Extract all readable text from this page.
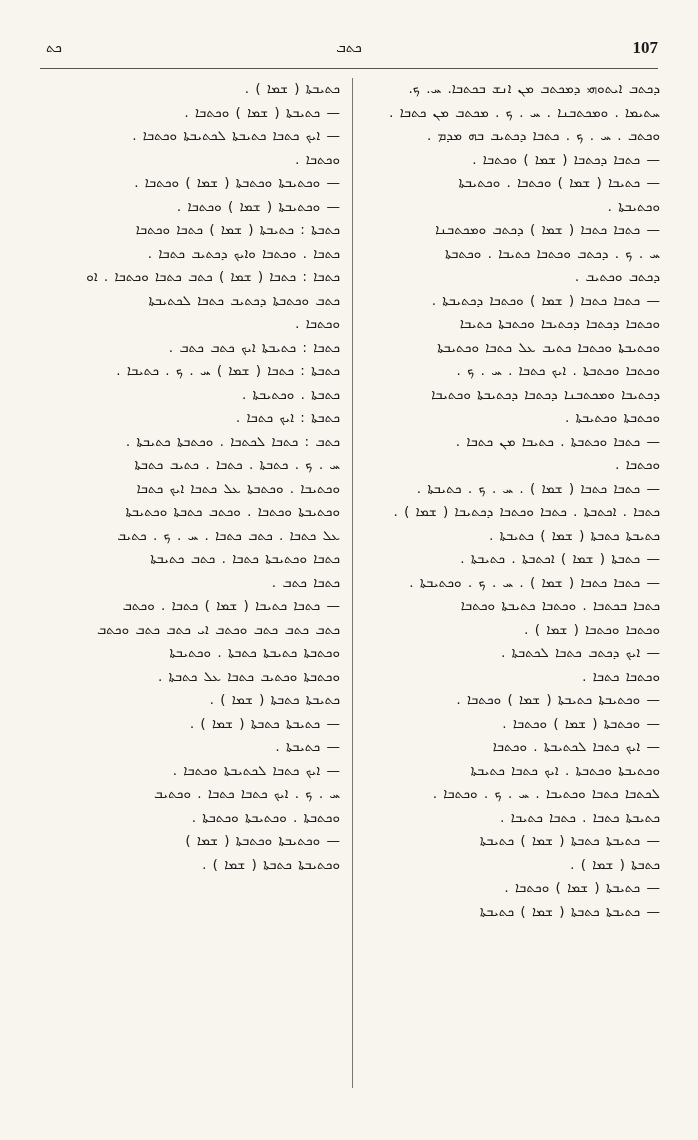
ܟܬ	ܟܬܒ	107
ܕܟܬܒ ܐܝܬܘܗܝ ܕܡܟܬܒ ܡܢ ܐܢܫ ܒܟܬܒܐ. ܚ. ܟ.
ܚܬܝܡܐ . ܘܡܟܬܒܢܐ . ܚ . ܟ . ܡܟܬܒ ܡܢ ܟܬܒܐ .
ܘܟܬܒ . ܚ . ܟ . ܟܬܒܐ ܕܟܬܝܒ ܒܗ ܡܕܡ .
— ܟܬܒܐ ܕܟܬܒܐ ( ܫܡܐ ) ܘܟܬܒܐ .
— ܟܬܝܒܐ ( ܫܡܐ ) ܘܟܬܒܐ . ܘܟܬܝܒܬܐ
ܘܟܬܝܒܬܐ .
— ܟܬܒܐ ܟܬܒܐ ( ܫܡܐ ) ܕܟܬܒ ܘܡܟܬܒܢܐ
ܚ . ܟ . ܕܟܬܒ ܘܟܬܒܐ ܟܬܝܒܐ . ܘܟܬܒܬܐ
ܕܟܬܒ ܘܟܬܝܒ .
— ܟܬܒܐ ܟܬܒܐ ( ܫܡܐ ) ܘܟܬܒܐ ܕܟܬܝܒܬܐ .
ܘܟܬܒܐ ܕܟܬܒܐ ܕܟܬܝܒܐ ܘܟܬܒܬܐ ܟܬܝܒܐ
ܘܟܬܝܒܬܐ ܘܟܬܒܐ ܟܬܝܒ ܥܠ ܟܬܒܐ ܘܟܬܝܒܬܐ
ܘܟܬܒܐ ܘܟܬܒܬܐ . ܐܝܟ ܟܬܒܐ . ܚ . ܟ .
ܕܟܬܝܒܐ ܘܡܟܬܒܢܐ ܕܟܬܒܐ ܕܟܬܝܒܬܐ ܘܟܬܝܒܐ
ܘܟܬܒܬܐ ܘܟܬܝܒܬܐ .
— ܟܬܒܐ ܘܟܬܒܬܐ . ܟܬܝܒܐ ܡܢ ܟܬܒܐ .
ܘܟܬܒܐ .
— ܟܬܒܐ ܟܬܒܐ ( ܫܡܐ ) . ܚ . ܟ . ܟܬܝܒܬܐ .
ܟܬܒܐ . ܐܟܬܒܬܐ . ܟܬܒܐ ܘܟܬܒܐ ܕܟܬܝܒܐ ( ܫܡܐ ) .
ܟܬܝܒܬܐ ܟܬܒܬܐ ( ܫܡܐ ) ܟܬܝܒܬܐ .
— ܟܬܒܬܐ ( ܫܡܐ ) ܐܟܬܒܬܐ . ܟܬܝܒܬܐ .
— ܟܬܒܐ ܟܬܒܐ ( ܫܡܐ ) . ܚ . ܟ . ܘܟܬܝܒܬܐ .
ܟܬܒܐ ܒܟܬܒܐ . ܘܟܬܒܐ ܟܬܝܒܬܐ ܘܟܬܒܐ
ܘܟܬܒܐ ܘܟܬܒܐ ( ܫܡܐ ) .
— ܐܝܟ ܕܟܬܒ ܟܬܒܐ ܠܟܬܒܬܐ .
ܘܟܬܒܐ ܟܬܒܐ .
— ܘܟܬܝܒܬܐ ܟܬܝܒܬܐ ( ܫܡܐ ) ܘܟܬܒܐ .
— ܘܟܬܒܬܐ ( ܫܡܐ ) ܘܟܬܒܐ .
— ܐܝܟ ܟܬܒܐ ܠܟܬܝܒܬܐ . ܘܟܬܒܐ
ܘܟܬܝܒܬܐ ܘܟܬܒܬܐ . ܐܝܟ ܟܬܒܐ ܟܬܝܒܬܐ
ܠܟܬܒܐ ܟܬܒܐ ܘܟܬܝܒܐ . ܚ . ܟ . ܘܟܬܒܐ .
ܟܬܝܒܬܐ ܟܬܒܐ . ܟܬܒܐ ܟܬܝܒܐ .
— ܟܬܝܒܬܐ ܟܬܒܬܐ ( ܫܡܐ ) ܟܬܝܒܬܐ
ܟܬܒܬܐ ( ܫܡܐ ) .
— ܟܬܝܒܬܐ ( ܫܡܐ ) ܘܟܬܒܐ .
— ܟܬܝܒܬܐ ܟܬܒܬܐ ( ܫܡܐ ) ܟܬܝܒܬܐ
ܟܬܝܒܬܐ ( ܫܡܐ ) .
— ܟܬܝܒܬܐ ( ܫܡܐ ) ܘܟܬܒܐ .
— ܐܝܟ ܟܬܒܐ ܟܬܝܒܬܐ ܠܟܬܝܒܬܐ ܘܟܬܒܐ .
ܘܟܬܒܐ .
— ܘܟܬܝܒܬܐ ܘܟܬܒܬܐ ( ܫܡܐ ) ܘܟܬܒܐ .
— ܘܟܬܝܒܬܐ ( ܫܡܐ ) ܘܟܬܒܐ .
ܟܬܒܬܐ : ܟܬܝܒܬܐ ( ܫܡܐ ) ܟܬܒܐ ܘܟܬܒܐ
ܟܬܒܐ . ܘܟܬܒܐ ܘܐܝܟ ܕܟܬܝܒ ܟܬܒܐ .
ܟܬܒܐ : ܟܬܒܐ ( ܫܡܐ ) ܟܬܒ ܟܬܒܐ ܘܟܬܒܐ . ܐܘ
ܟܬܒ ܘܟܬܒܬܐ ܕܟܬܝܒ ܟܬܒܐ ܠܟܬܝܒܬܐ
ܘܟܬܒܐ .
ܟܬܒܐ : ܟܬܝܒܬܐ ܐܝܟ ܟܬܒ ܟܬܒ .
ܟܬܒܬܐ : ܟܬܒܐ ( ܫܡܐ ) ܚ . ܟ . ܟܬܝܒܐ .
ܟܬܒܬܐ . ܘܟܬܝܒܬܐ .
ܟܬܒܬܐ : ܐܝܟ ܟܬܒܐ .
ܟܬܒ : ܟܬܒܐ ܠܟܬܒܐ . ܘܟܬܒܬܐ ܟܬܝܒܬܐ .
ܚ . ܟ . ܟܬܒܬܐ . ܟܬܒܐ . ܟܬܝܒ ܟܬܒܬܐ
ܘܟܬܝܒܐ . ܘܟܬܒܬܐ ܥܠ ܟܬܒܐ ܐܝܟ ܟܬܒܐ
ܘܟܬܝܒܬܐ ܘܟܬܒܐ . ܘܟܬܒ ܟܬܒܬܐ ܘܟܬܝܒܬܐ
ܥܠ ܟܬܒܐ . ܟܬܒ ܟܬܒܐ . ܚ . ܟ . ܟܬܝܒ
ܟܬܒܐ ܘܟܬܝܒܬܐ ܟܬܒܐ . ܟܬܒ ܟܬܝܒܬܐ
ܟܬܒܐ ܟܬܒ .
— ܟܬܒܐ ܟܬܝܒܐ ( ܫܡܐ ) ܟܬܒܐ . ܘܟܬܒ
ܟܬܒ ܟܬܒ ܟܬܒ ܘܟܬܒ ܐܝ ܟܬܒ ܟܬܒ ܘܟܬܒ
ܘܟܬܒܬܐ ܟܬܝܒܬܐ ܟܬܒܬܐ . ܘܟܬܝܒܬܐ
ܘܟܬܒܬܐ ܘܟܬܝܒ ܟܬܒܐ ܥܠ ܟܬܒܬܐ .
ܟܬܝܒܬܐ ܟܬܒܬܐ ( ܫܡܐ ) .
— ܟܬܝܒܬܐ ܟܬܒܬܐ ( ܫܡܐ ) .
— ܟܬܝܒܬܐ .
— ܐܝܟ ܟܬܒܐ ܠܟܬܝܒܬܐ ܘܟܬܒܐ .
ܚ . ܟ . ܐܝܟ ܟܬܒܐ ܟܬܒܐ . ܘܟܬܝܒ
ܘܟܬܒܬܐ . ܘܟܬܝܒܬܐ ܘܟܬܒܬܐ .
— ܘܟܬܝܒܬܐ ܘܟܬܒܬܐ ( ܫܡܐ )
ܘܟܬܝܒܬܐ ܟܬܒܬܐ ( ܫܡܐ ) .
